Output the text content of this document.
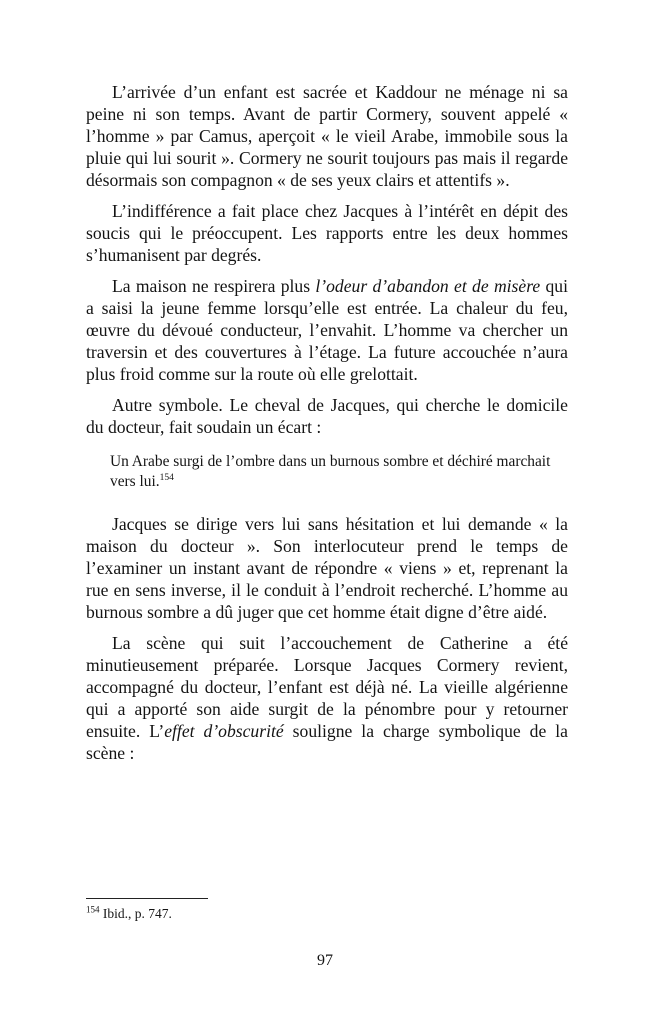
L’arrivée d’un enfant est sacrée et Kaddour ne ménage ni sa peine ni son temps. Avant de partir Cormery, souvent appelé « l’homme » par Camus, aperçoit « le vieil Arabe, immobile sous la pluie qui lui sourit ». Cormery ne sourit toujours pas mais il regarde désormais son compagnon « de ses yeux clairs et attentifs ».

L’indifférence a fait place chez Jacques à l’intérêt en dépit des soucis qui le préoccupent. Les rapports entre les deux hommes s’humanisent par degrés.

La maison ne respirera plus l’odeur d’abandon et de misère qui a saisi la jeune femme lorsqu’elle est entrée. La chaleur du feu, œuvre du dévoué conducteur, l’envahit. L’homme va chercher un traversin et des couvertures à l’étage. La future accouchée n’aura plus froid comme sur la route où elle grelottait.

Autre symbole. Le cheval de Jacques, qui cherche le domicile du docteur, fait soudain un écart :

Un Arabe surgi de l’ombre dans un burnous sombre et déchiré marchait vers lui.$^{154}$

Jacques se dirige vers lui sans hésitation et lui demande « la maison du docteur ». Son interlocuteur prend le temps de l’examiner un instant avant de répondre « viens » et, reprenant la rue en sens inverse, il le conduit à l’endroit recherché. L’homme au burnous sombre a dû juger que cet homme était digne d’être aidé.

La scène qui suit l’accouchement de Catherine a été minutieusement préparée. Lorsque Jacques Cormery revient, accompagné du docteur, l’enfant est déjà né. La vieille algérienne qui a apporté son aide surgit de la pénombre pour y retourner ensuite. L’effet d’obscurité souligne la charge symbolique de la scène :

$^{154}$ Ibid., p. 747.
97
